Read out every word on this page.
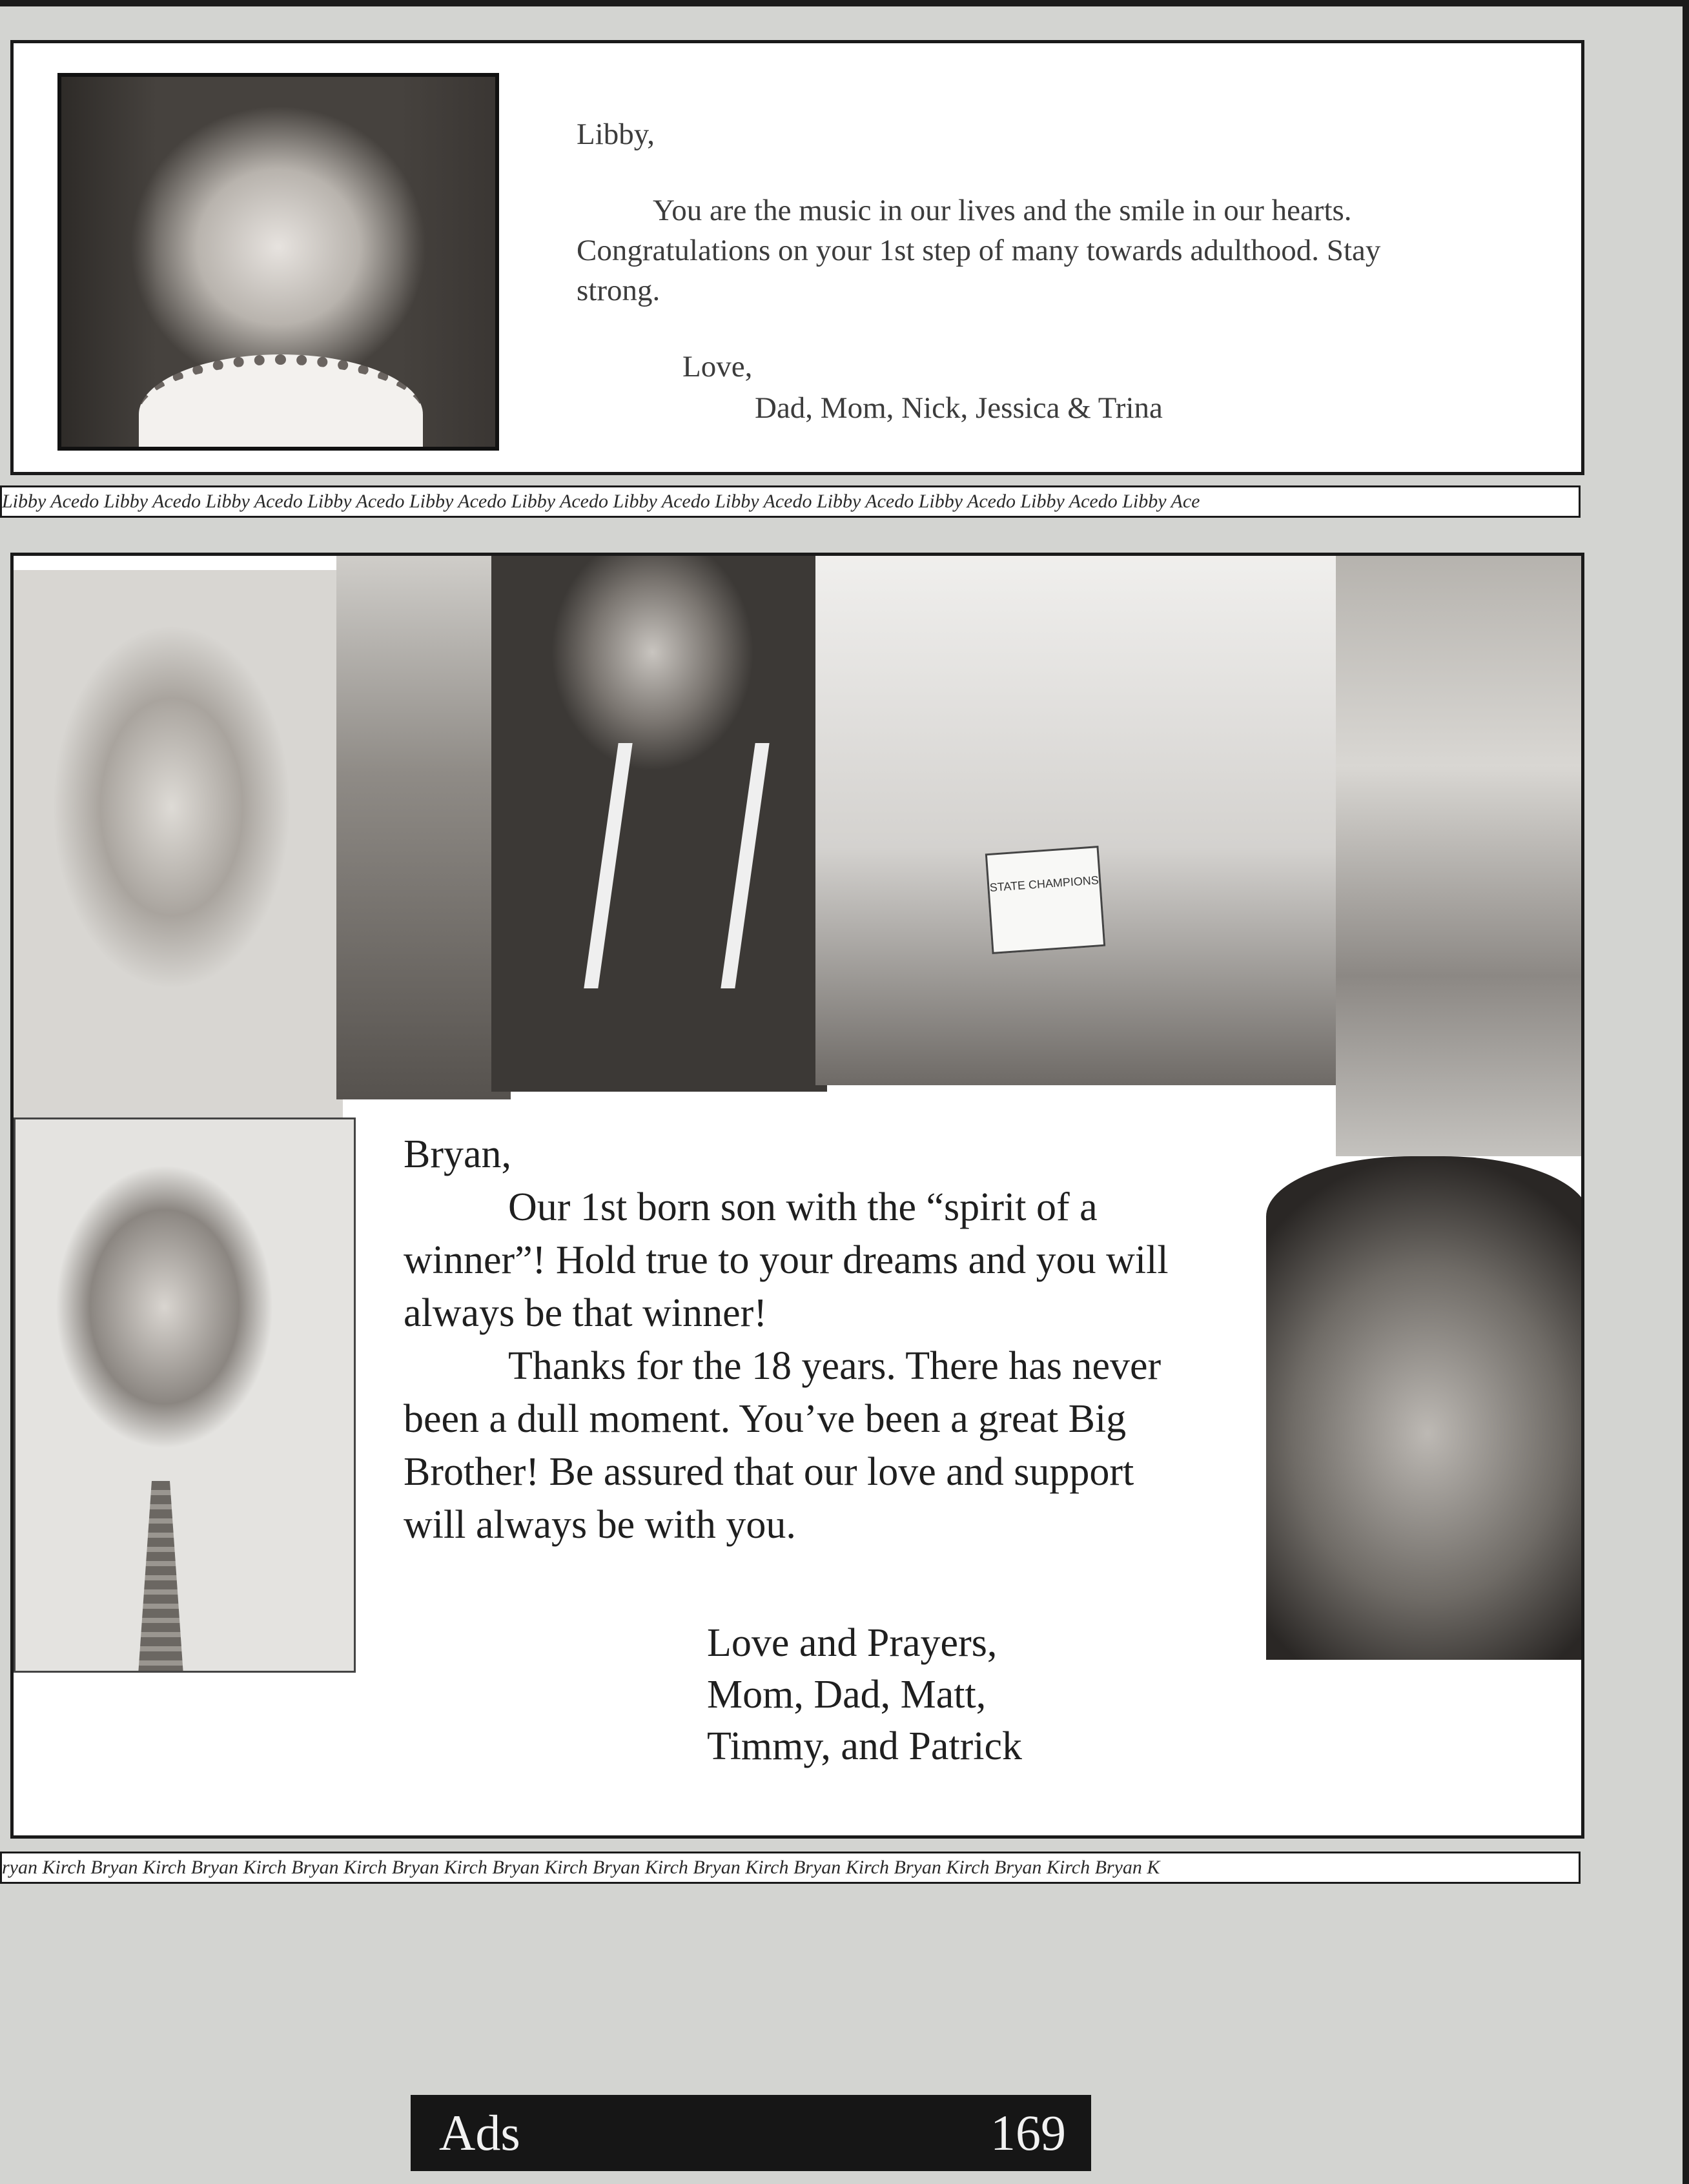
Libby,

You are the music in our lives and the smile in our hearts. Congratulations on your 1st step of many towards adulthood. Stay strong.

Love,
Dad, Mom, Nick, Jessica & Trina
Libby Acedo Libby Acedo Libby Acedo Libby Acedo Libby Acedo Libby Acedo Libby Acedo Libby Acedo Libby Acedo Libby Acedo Libby Acedo Libby Ace
STATE CHAMPIONS
Bryan,

Our 1st born son with the “spirit of a winner”! Hold true to your dreams and you will always be that winner!

Thanks for the 18 years. There has never been a dull moment. You’ve been a great Big Brother! Be assured that our love and support will always be with you.

Love and Prayers,
Mom, Dad, Matt,
Timmy, and Patrick
ryan Kirch Bryan Kirch Bryan Kirch Bryan Kirch Bryan Kirch Bryan Kirch Bryan Kirch Bryan Kirch Bryan Kirch Bryan Kirch Bryan Kirch Bryan K
Ads	169
